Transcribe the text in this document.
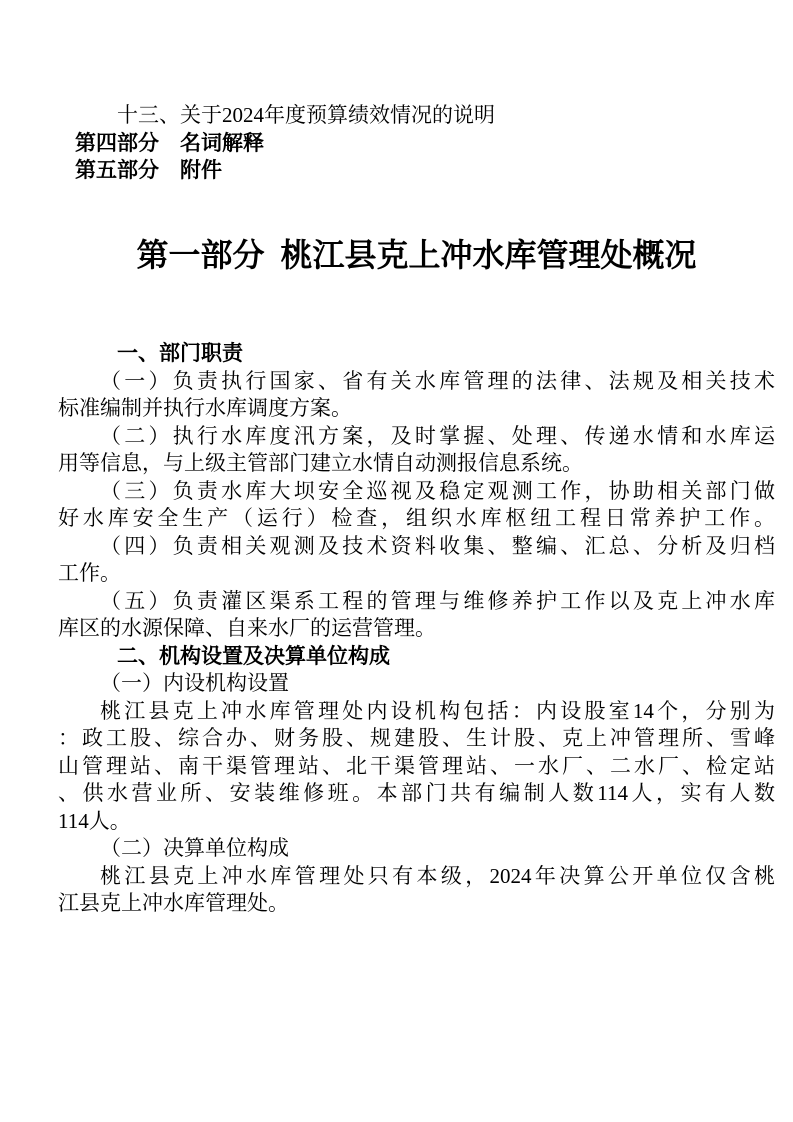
十三、关于2024年度预算绩效情况的说明
第四部分　名词解释
第五部分　附件
第一部分  桃江县克上冲水库管理处概况
一、部门职责
（一）负责执行国家、省有关水库管理的法律、法规及相关技术
标准编制并执行水库调度方案。
（二）执行水库度汛方案，及时掌握、处理、传递水情和水库运
用等信息，与上级主管部门建立水情自动测报信息系统。
（三）负责水库大坝安全巡视及稳定观测工作，协助相关部门做
好水库安全生产（运行）检查，组织水库枢纽工程日常养护工作。
（四）负责相关观测及技术资料收集、整编、汇总、分析及归档
工作。
（五）负责灌区渠系工程的管理与维修养护工作以及克上冲水库
库区的水源保障、自来水厂的运营管理。
二、机构设置及决算单位构成
（一）内设机构设置
桃江县克上冲水库管理处内设机构包括：内设股室14个，分别为
：政工股、综合办、财务股、规建股、生计股、克上冲管理所、雪峰
山管理站、南干渠管理站、北干渠管理站、一水厂、二水厂、检定站
、供水营业所、安装维修班。本部门共有编制人数114人，实有人数
114人。
（二）决算单位构成
桃江县克上冲水库管理处只有本级，2024年决算公开单位仅含桃
江县克上冲水库管理处。
